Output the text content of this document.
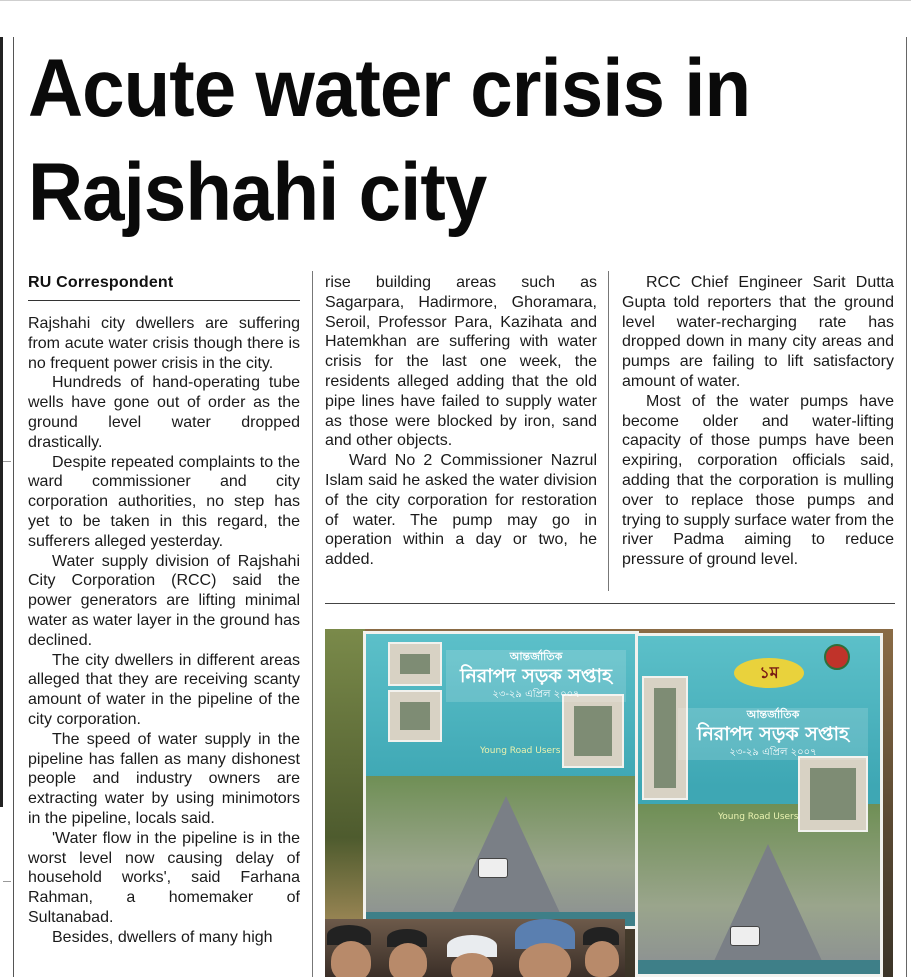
Acute water crisis in
Rajshahi city
RU Correspondent

Rajshahi city dwellers are suffering from acute water crisis though there is no frequent power crisis in the city.

Hundreds of hand-operating tube wells have gone out of order as the ground level water dropped drastically.

Despite repeated complaints to the ward commissioner and city corporation authorities, no step has yet to be taken in this regard, the sufferers alleged yesterday.

Water supply division of Rajshahi City Corporation (RCC) said the power generators are lifting minimal water as water layer in the ground has declined.

The city dwellers in different areas alleged that they are receiving scanty amount of water in the pipeline of the city corporation.

The speed of water supply in the pipeline has fallen as many dishonest people and industry owners are extracting water by using minimotors in the pipeline, locals said.

'Water flow in the pipeline is in the worst level now causing delay of household works', said Farhana Rahman, a homemaker of Sultanabad.

Besides, dwellers of many high

rise building areas such as Sagarpara, Hadirmore, Ghoramara, Seroil, Professor Para, Kazihata and Hatemkhan are suffering with water crisis for the last one week, the residents alleged adding that the old pipe lines have failed to supply water as those were blocked by iron, sand and other objects.

Ward No 2 Commissioner Nazrul Islam said he asked the water division of the city corporation for restoration of water. The pump may go in operation within a day or two, he added.

RCC Chief Engineer Sarit Dutta Gupta told reporters that the ground level water-recharging rate has dropped down in many city areas and pumps are failing to lift satisfactory amount of water.

Most of the water pumps have become older and water-lifting capacity of those pumps have been expiring, corporation officials said, adding that the corporation is mulling over to replace those pumps and trying to supply surface water from the river Padma aiming to reduce pressure of ground level.

আন্তর্জাতিক
নিরাপদ সড়ক সপ্তাহ
২৩-২৯ এপ্রিল ২০০৭
Young Road Users
১ম
আন্তর্জাতিক
নিরাপদ সড়ক সপ্তাহ
২৩-২৯ এপ্রিল ২০০৭
Young Road Users
